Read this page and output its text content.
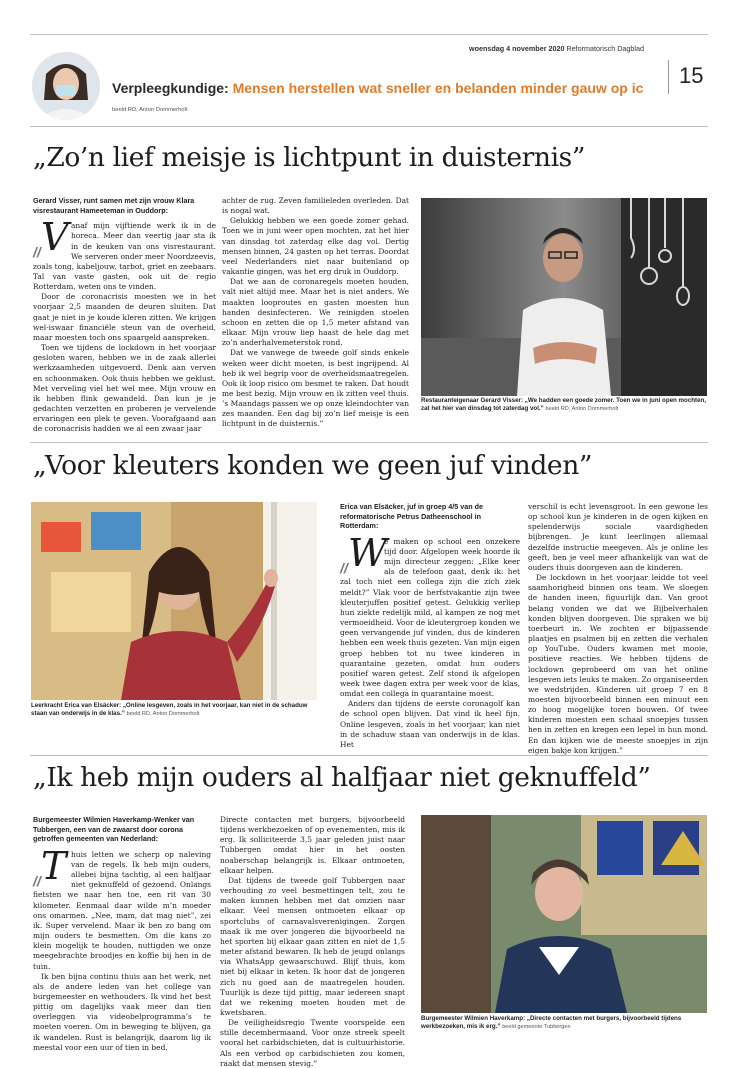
woensdag 4 november 2020 Reformatorisch Dagblad
15
Verpleegkundige: Mensen herstellen wat sneller en belanden minder gauw op ic
beeld RD, Anton Dommerholt
„Zo’n lief meisje is lichtpunt in duisternis”

Gerard Visser, runt samen met zijn vrouw Klara visrestaurant Hameeteman in Ouddorp:

// V anaf mijn vijftiende werk ik in de horeca. Meer dan veertig jaar sta ik in de keuken van ons visrestaurant. We serveren onder meer Noordzeevis, zoals tong, kabeljouw, tarbot, griet en zeebaars. Tal van vaste gasten, ook uit de regio Rotterdam, weten ons te vinden.

Door de coronacrisis moesten we in het voorjaar 2,5 maanden de deuren sluiten. Dat gaat je niet in je koude kleren zitten. We krijgen wel-iswaar financiële steun van de overheid, maar moesten toch ons spaargeld aanspreken.

Toen we tijdens de lockdown in het voorjaar gesloten waren, hebben we in de zaak allerlei werkzaamheden uitgevoerd. Denk aan verven en schoonmaken. Ook thuis hebben we geklust. Met verveling viel het wel mee. Mijn vrouw en ik hebben flink gewandeld. Dan kun je je gedachten verzetten en proberen je vervelende ervaringen een plek te geven. Voorafgaand aan de coronacrisis hadden we al een zwaar jaar

achter de rug. Zeven familieleden overleden. Dat is nogal wat.

Gelukkig hebben we een goede zomer gehad. Toen we in juni weer open mochten, zat het hier van dinsdag tot zaterdag elke dag vol. Dertig mensen binnen, 24 gasten op het terras. Doordat veel Nederlanders niet naar buitenland op vakantie gingen, was het erg druk in Ouddorp.

Dat we aan de coronaregels moeten houden, valt niet altijd mee. Maar het is niet anders. We maakten looproutes en gasten moesten hun handen desinfecteren. We reinigden stoelen schoon en zetten die op 1,5 meter afstand van elkaar. Mijn vrouw liep haast de hele dag met zo’n anderhalvemeterstok rond.

Dat we vanwege de tweede golf sinds enkele weken weer dicht moeten, is best ingrijpend. Al heb ik wel begrip voor de overheidsmaatregelen. Ook ik loop risico om besmet te raken. Dat houdt me best bezig. Mijn vrouw en ik zitten veel thuis. ’s Maandags passen we op onze kleindochter van zes maanden. Een dag bij zo’n lief meisje is een lichtpunt in de duisternis.”

Restauranteigenaar Gerard Visser: „We hadden een goede zomer. Toen we in juni open mochten, zat het hier van dinsdag tot zaterdag vol.” beeld RD, Anton Dommerholt
„Voor kleuters konden we geen juf vinden”
Leerkracht Erica van Elsäcker: „Online lesgeven, zoals in het voorjaar, kan niet in de schaduw staan van onderwijs in de klas.” beeld RD, Anton Dommerholt

Erica van Elsäcker, juf in groep 4/5 van de reformatorische Petrus Datheenschool in Rotterdam:

// W

e maken op school een onzekere tijd door. Afgelopen week hoorde ik mijn directeur zeggen: „Elke keer als de telefoon gaat, denk ik: het zal toch niet een collega zijn die zich ziek meldt?” Vlak voor de herfstvakantie zijn twee kleuterjuffen positief getest. Gelukkig verliep hun ziekte redelijk mild, al kampen ze nog met vermoeidheid. Voor de kleutergroep konden we geen vervangende juf vinden, dus de kinderen hebben een week thuis gezeten. Van mijn eigen groep hebben tot nu twee kinderen in quarantaine gezeten, omdat hun ouders positief waren getest. Zelf stond ik afgelopen week twee dagen extra per week voor de klas, omdat een collega in quarantaine moest.

Anders dan tijdens de eerste coronagolf kan de school open blijven. Dat vind ik heel fijn. Online lesgeven, zoals in het voorjaar, kan niet in de schaduw staan van onderwijs in de klas. Het

verschil is echt levensgroot. In een gewone les op school kun je kinderen in de ogen kijken en spelenderwijs sociale vaardigheden bijbrengen. Je kunt leerlingen allemaal dezelfde instructie meegeven. Als je online les geeft, ben je veel meer afhankelijk van wat de ouders thuis doorgeven aan de kinderen.

De lockdown in het voorjaar leidde tot veel saamhorigheid binnen ons team. We sloegen de handen ineen, figuurlijk dan. Van groot belang vonden we dat we Bijbelverhalen konden blijven doorgeven. Die spraken we bij toerbeurt in. We zochten er bijpassende plaatjes en psalmen bij en zetten die verhalen op YouTube. Ouders kwamen met mooie, positieve reacties. We hebben tijdens de lockdown geprobeerd om van het online lesgeven iets leuks te maken. Zo organiseerden we wedstrijden. Kinderen uit groep 7 en 8 moesten bijvoorbeeld binnen een minuut een zo hoog mogelijke toren bouwen. Of twee kinderen moesten een schaal snoepjes tussen hen in zetten en kregen een lepel in hun mond. En dan kijken wie de meeste snoepjes in zijn eigen bakje kon krijgen.”

„Ik heb mijn ouders al halfjaar niet geknuffeld”

Burgemeester Wilmien Haverkamp-Wenker van Tubbergen, een van de zwaarst door corona getroffen gemeenten van Nederland:

// T huis letten we scherp op naleving van de regels. Ik heb mijn ouders, allebei bijna tachtig, al een halfjaar niet geknuffeld of gezoend. Onlangs fietsten we naar hen toe, een rit van 30 kilometer. Eenmaal daar wilde m’n moeder ons omarmen. „Nee, mam, dat mag niet”, zei ik. Super vervelend. Maar ik ben zo bang om mijn ouders te besmetten. Om die kans zo klein mogelijk te houden, nuttigden we onze meegebrachte broodjes en koffie bij hen in de tuin.

Ik ben bijna continu thuis aan het werk, net als de andere leden van het college van burgemeester en wethouders. Ik vind het best pittig om dagelijks vaak meer dan tien overleggen via videobelprogramma’s te moeten voeren. Om in beweging te blijven, ga ik wandelen. Rust is belangrijk, daarom lig ik meestal voor een uur of tien in bed.

Directe contacten met burgers, bijvoorbeeld tijdens werkbezoeken of op evenementen, mis ik erg. Ik solliciteerde 3,5 jaar geleden juist naar Tubbergen omdat hier in het oosten noaberschap belangrijk is. Elkaar ontmoeten, elkaar helpen.

Dat tijdens de tweede golf Tubbergen naar verhouding zo veel besmettingen telt, zou te maken kunnen hebben met dat omzien naar elkaar. Veel mensen ontmoeten elkaar op sportclubs of carnavalsverenigingen. Zorgen maak ik me over jongeren die bijvoorbeeld na het sporten bij elkaar gaan zitten en niet de 1,5 meter afstand bewaren. Ik heb de jeugd onlangs via WhatsApp gewaarschuwd. Blijf thuis, kom niet bij elkaar in keten. Ik hoor dat de jongeren zich nu goed aan de maatregelen houden. Tuurlijk is deze tijd pittig, maar iedereen snapt dat we rekening moeten houden met de kwetsbaren.

De veiligheidsregio Twente voorspelde een stille decembermaand. Voor onze streek speelt vooral het carbidschieten, dat is cultuurhistorie. Als een verbod op carbidschieten zou komen, raakt dat mensen stevig.”

Burgemeester Wilmien Haverkamp: „Directe contacten met burgers, bijvoorbeeld tijdens werkbezoeken, mis ik erg.” beeld gemeente Tubbergen
